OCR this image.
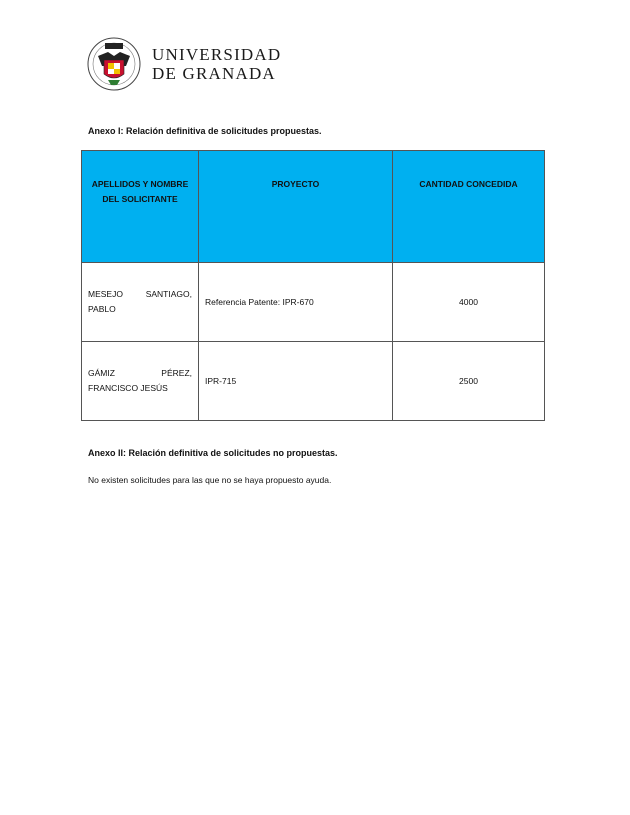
UNIVERSIDAD
DE GRANADA
Anexo I: Relación definitiva de solicitudes propuestas.
APELLIDOS Y NOMBRE DEL SOLICITANTE	PROYECTO	CANTIDAD CONCEDIDA
MESEJO SANTIAGO,

PABLO	Referencia Patente: IPR-670	4000
GÁMIZ PÉREZ,

FRANCISCO JESÚS	IPR-715	2500
Anexo II: Relación definitiva de solicitudes no propuestas.
No existen solicitudes para las que no se haya propuesto ayuda.
